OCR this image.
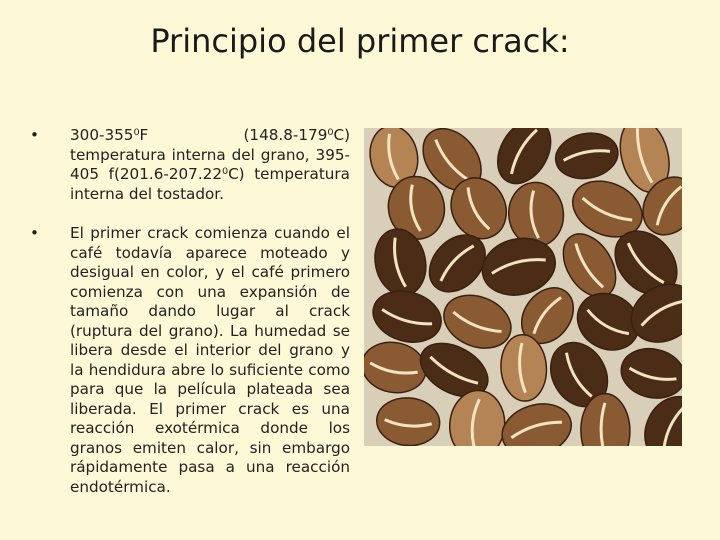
Principio del primer crack:
• 300-355⁰F (148.8-179⁰C) temperatura interna del grano, 395-405 f(201.6-207.22⁰C) temperatura interna del tostador.
• El primer crack comienza cuando el café todavía aparece moteado y desigual en color, y el café primero comienza con una expansión de tamaño dando lugar al crack (ruptura del grano). La humedad se libera desde el interior del grano y la hendidura abre lo suficiente como para que la película plateada sea liberada. El primer crack es una reacción exotérmica donde los granos emiten calor, sin embargo rápidamente pasa a una reacción endotérmica.
